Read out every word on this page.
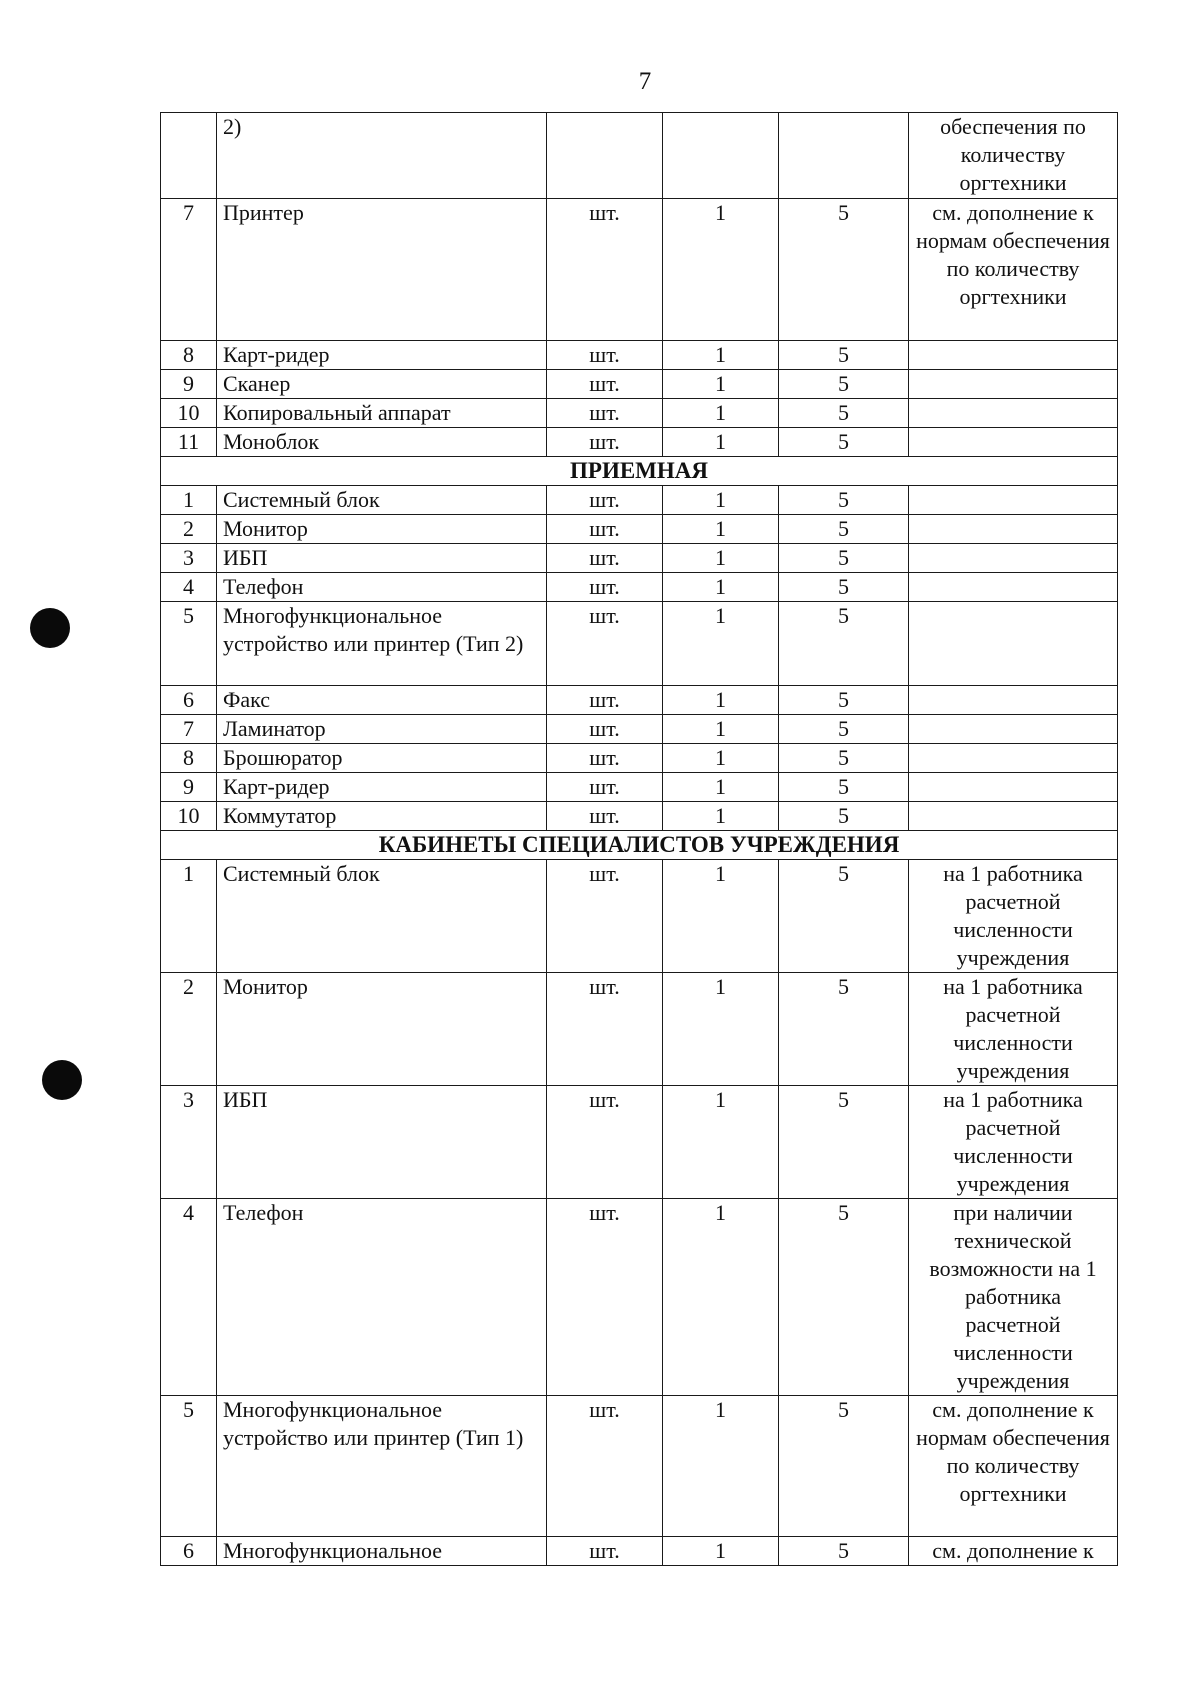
7
	2)				обеспечения по количеству оргтехники
7	Принтер	шт.	1	5	см. дополнение к нормам обеспечения по количеству оргтехники
8	Карт-ридер	шт.	1	5	
9	Сканер	шт.	1	5	
10	Копировальный аппарат	шт.	1	5	
11	Моноблок	шт.	1	5	
ПРИЕМНАЯ					
1	Системный блок	шт.	1	5	
2	Монитор	шт.	1	5	
3	ИБП	шт.	1	5	
4	Телефон	шт.	1	5	
5	Многофункциональное устройство или принтер (Тип 2)	шт.	1	5	
6	Факс	шт.	1	5	
7	Ламинатор	шт.	1	5	
8	Брошюратор	шт.	1	5	
9	Карт-ридер	шт.	1	5	
10	Коммутатор	шт.	1	5	
КАБИНЕТЫ СПЕЦИАЛИСТОВ УЧРЕЖДЕНИЯ					
1	Системный блок	шт.	1	5	на 1 работника расчетной численности учреждения
2	Монитор	шт.	1	5	на 1 работника расчетной численности учреждения
3	ИБП	шт.	1	5	на 1 работника расчетной численности учреждения
4	Телефон	шт.	1	5	при наличии технической возможности на 1 работника расчетной численности учреждения
5	Многофункциональное устройство или принтер (Тип 1)	шт.	1	5	см. дополнение к нормам обеспечения по количеству оргтехники
6	Многофункциональное	шт.	1	5	см. дополнение к
